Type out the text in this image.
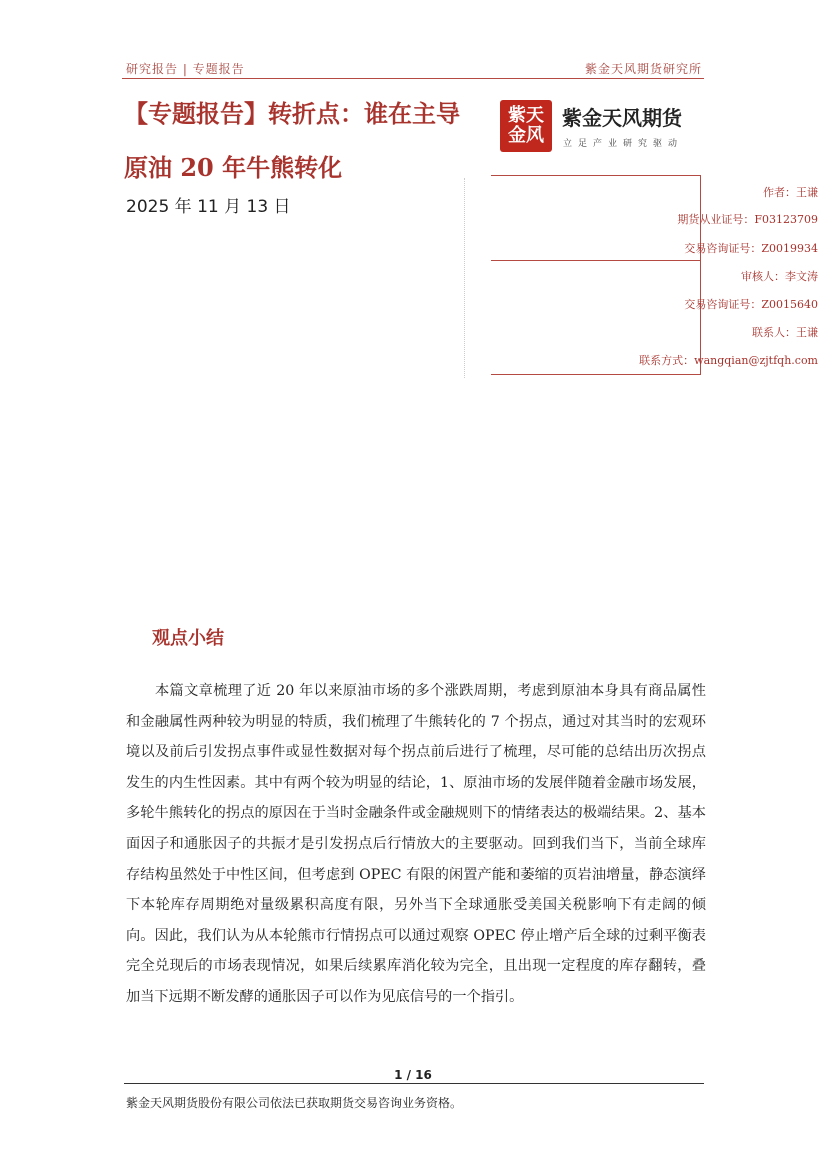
研究报告 | 专题报告	紫金天风期货研究所
【专题报告】转折点：谁在主导
原油 20 年牛熊转化
2025 年 11 月 13 日
紫天
金风
紫金天风期货
立足产业研究驱动
作者：王谦
期货从业证号：F03123709
交易咨询证号：Z0019934
审核人：李文涛
交易咨询证号：Z0015640
联系人：王谦
联系方式：wangqian@zjtfqh.com
观点小结

本篇文章梳理了近 20 年以来原油市场的多个涨跌周期，考虑到原油本身具有商品属性和金融属性两种较为明显的特质，我们梳理了牛熊转化的 7 个拐点，通过对其当时的宏观环境以及前后引发拐点事件或显性数据对每个拐点前后进行了梳理，尽可能的总结出历次拐点发生的内生性因素。其中有两个较为明显的结论，1、原油市场的发展伴随着金融市场发展，多轮牛熊转化的拐点的原因在于当时金融条件或金融规则下的情绪表达的极端结果。2、基本面因子和通胀因子的共振才是引发拐点后行情放大的主要驱动。回到我们当下，当前全球库存结构虽然处于中性区间，但考虑到 OPEC 有限的闲置产能和萎缩的页岩油增量，静态演绎下本轮库存周期绝对量级累积高度有限，另外当下全球通胀受美国关税影响下有走阔的倾向。因此，我们认为从本轮熊市行情拐点可以通过观察 OPEC 停止增产后全球的过剩平衡表完全兑现后的市场表现情况，如果后续累库消化较为完全，且出现一定程度的库存翻转，叠加当下远期不断发酵的通胀因子可以作为见底信号的一个指引。

1 / 16
紫金天风期货股份有限公司依法已获取期货交易咨询业务资格。
